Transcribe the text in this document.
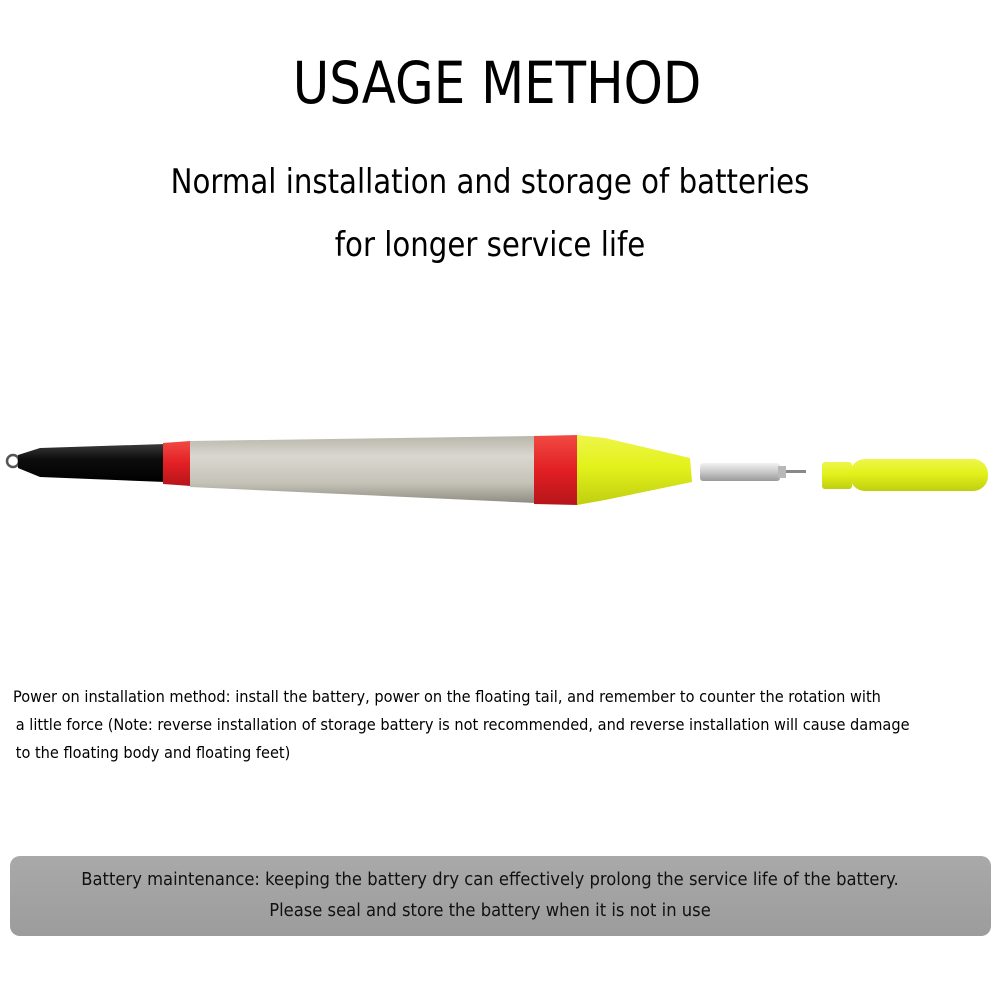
USAGE METHOD
Normal installation and storage of batteries
for longer service life
Power on installation method: install the battery, power on the floating tail, and remember to counter the rotation with
a little force (Note: reverse installation of storage battery is not recommended, and reverse installation will cause damage
to the floating body and floating feet)
Battery maintenance: keeping the battery dry can effectively prolong the service life of the battery.
Please seal and store the battery when it is not in use
